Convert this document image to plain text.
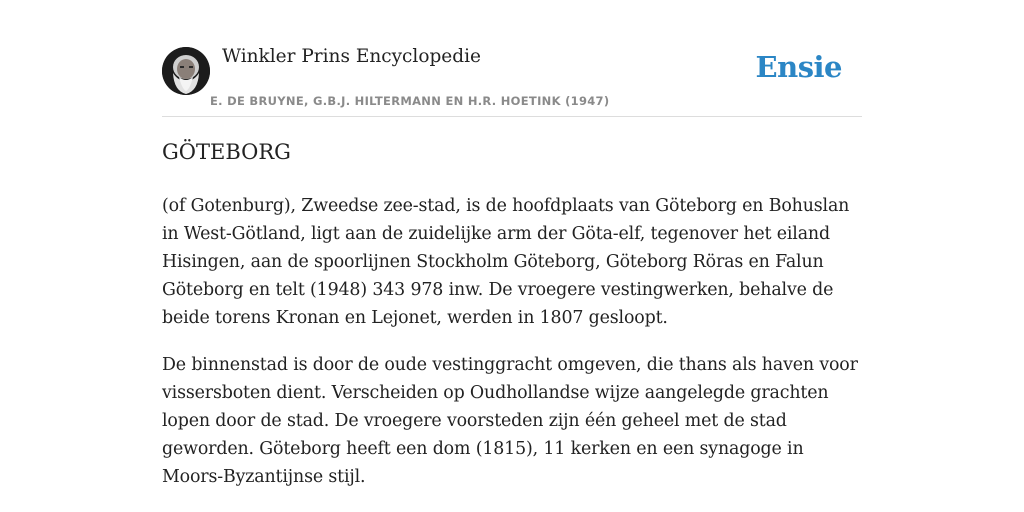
Winkler Prins Encyclopedie
E. DE BRUYNE, G.B.J. HILTERMANN EN H.R. HOETINK (1947)
Ensie
GÖTEBORG

(of Gotenburg), Zweedse zee-stad, is de hoofdplaats van Göteborg en Bohuslan in West-Götland, ligt aan de zuidelijke arm der Göta-elf, tegenover het eiland Hisingen, aan de spoorlijnen Stockholm Göteborg, Göteborg Röras en Falun Göteborg en telt (1948) 343 978 inw. De vroegere vestingwerken, behalve de beide torens Kronan en Lejonet, werden in 1807 gesloopt.

De binnenstad is door de oude vestinggracht omgeven, die thans als haven voor vissersboten dient. Verscheiden op Oudhollandse wijze aangelegde grachten lopen door de stad. De vroegere voorsteden zijn één geheel met de stad geworden. Göteborg heeft een dom (1815), 11 kerken en een synagoge in Moors-Byzantijnse stijl.
